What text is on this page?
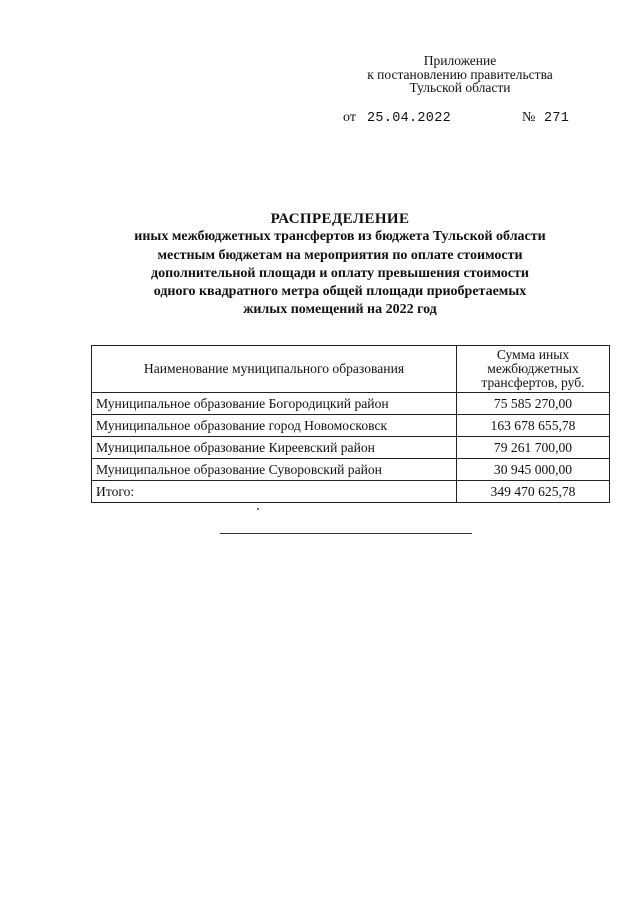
Приложение
к постановлению правительства
Тульской области
от 25.04.2022	№ 271
РАСПРЕДЕЛЕНИЕ
иных межбюджетных трансфертов из бюджета Тульской области
местным бюджетам на мероприятия по оплате стоимости
дополнительной площади и оплату превышения стоимости
одного квадратного метра общей площади приобретаемых
жилых помещений на 2022 год
Наименование муниципального образования	Сумма иных
межбюджетных
трансфертов, руб.

Муниципальное образование Богородицкий район	75 585 270,00
Муниципальное образование город Новомосковск	163 678 655,78
Муниципальное образование Киреевский район	79 261 700,00
Муниципальное образование Суворовский район	30 945 000,00
Итого:	349 470 625,78
